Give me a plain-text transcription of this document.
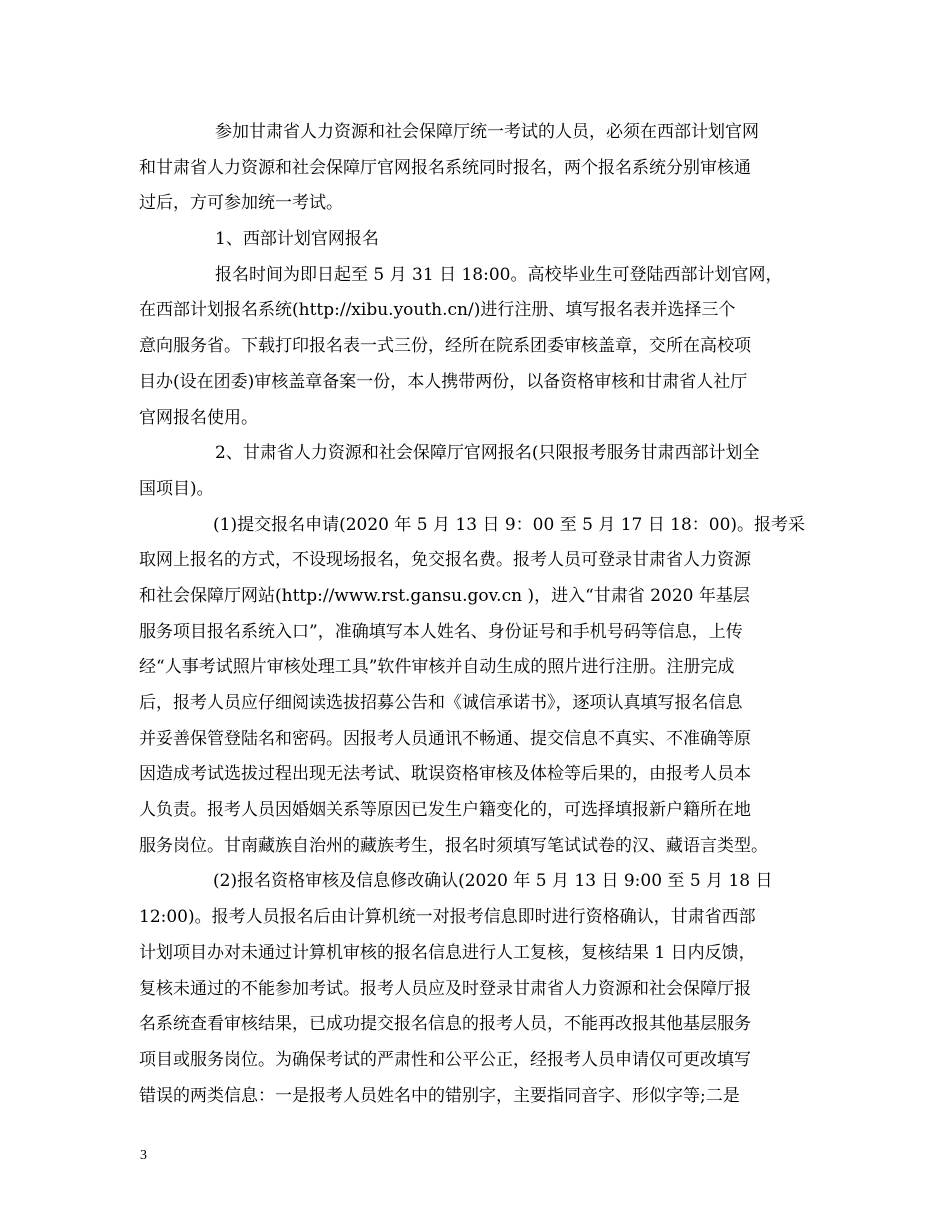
参加甘肃省人力资源和社会保障厅统一考试的人员，必须在西部计划官网
和甘肃省人力资源和社会保障厅官网报名系统同时报名，两个报名系统分别审核通
过后，方可参加统一考试。
1、西部计划官网报名
报名时间为即日起至 5 月 31 日 18:00。高校毕业生可登陆西部计划官网，
在西部计划报名系统(http://xibu.youth.cn/)进行注册、填写报名表并选择三个
意向服务省。下载打印报名表一式三份，经所在院系团委审核盖章，交所在高校项
目办(设在团委)审核盖章备案一份，本人携带两份，以备资格审核和甘肃省人社厅
官网报名使用。
2、甘肃省人力资源和社会保障厅官网报名(只限报考服务甘肃西部计划全
国项目)。
(1)提交报名申请(2020 年 5 月 13 日 9：00 至 5 月 17 日 18：00)。报考采
取网上报名的方式，不设现场报名，免交报名费。报考人员可登录甘肃省人力资源
和社会保障厅网站(http://www.rst.gansu.gov.cn )，进入“甘肃省 2020 年基层
服务项目报名系统入口”，准确填写本人姓名、身份证号和手机号码等信息，上传
经“人事考试照片审核处理工具”软件审核并自动生成的照片进行注册。注册完成
后，报考人员应仔细阅读选拔招募公告和《诚信承诺书》，逐项认真填写报名信息
并妥善保管登陆名和密码。因报考人员通讯不畅通、提交信息不真实、不准确等原
因造成考试选拔过程出现无法考试、耽误资格审核及体检等后果的，由报考人员本
人负责。报考人员因婚姻关系等原因已发生户籍变化的，可选择填报新户籍所在地
服务岗位。甘南藏族自治州的藏族考生，报名时须填写笔试试卷的汉、藏语言类型。
(2)报名资格审核及信息修改确认(2020 年 5 月 13 日 9:00 至 5 月 18 日
12:00)。报考人员报名后由计算机统一对报考信息即时进行资格确认，甘肃省西部
计划项目办对未通过计算机审核的报名信息进行人工复核，复核结果 1 日内反馈，
复核未通过的不能参加考试。报考人员应及时登录甘肃省人力资源和社会保障厅报
名系统查看审核结果，已成功提交报名信息的报考人员，不能再改报其他基层服务
项目或服务岗位。为确保考试的严肃性和公平公正，经报考人员申请仅可更改填写
错误的两类信息：一是报考人员姓名中的错别字，主要指同音字、形似字等;二是
3
